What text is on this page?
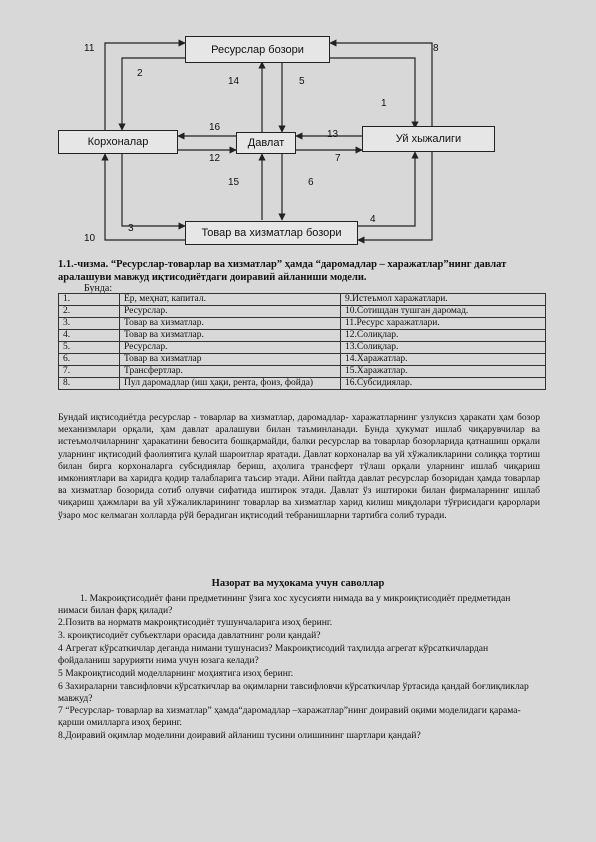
Ресурслар бозори
Корхоналар	Давлат	Уй хыжалиги
Товар ва хизматлар бозори
11
2
14	5
8
1
16
13
12	7
15	6
3
10
4
1.1.-чизма. “Ресурслар-товарлар ва хизматлар” ҳамда “даромадлар – харажатлар”нинг давлат аралашуви мавжуд иқтисодиётдаги доиравий айланиши модели.
Бунда:
1.	Ер, меҳнат, капитал.	9.Истеъмол харажатлари.
2.	Ресурслар.	10.Сотишдан тушган даромад.
3.	Товар ва хизматлар.	11.Ресурс харажатлари.
4.	Товар ва хизматлар.	12.Солиқлар.
5.	Ресурслар.	13.Солиқлар.
6.	Товар ва хизматлар	14.Харажатлар.
7.	Трансфертлар.	15.Харажатлар.
8.	Пул даромадлар (иш ҳақи, рента, фоиз, фойда)	16.Субсидиялар.
Бундай иқтисодиётда ресурслар - товарлар ва хизматлар, даромадлар- харажатларнинг узлуксиз ҳаракати ҳам бозор механизмлари орқали, ҳам давлат аралашуви билан таъминланади. Бунда ҳукумат ишлаб чиқарувчилар ва истеъмолчиларнинг ҳаракатини бевосита бошқармайди, балки ресурслар ва товарлар бозорларида қатнашиш орқали уларнинг иқтисодий фаолиятига қулай шароитлар яратади. Давлат корхоналар ва уй хўжаликларини солиққа тортиш билан бирга корхоналарга субсидиялар бериш, аҳолига трансферт тўлаш орқали уларнинг ишлаб чиқариш имкониятлари ва харидга қодир талабларига таъсир этади. Айни пайтда давлат ресурслар бозоридан ҳамда товарлар ва хизматлар бозорида сотиб олувчи сифатида иштирок этади. Давлат ўз иштироки билан фирмаларнинг ишлаб чиқариш ҳажмлари ва уй хўжаликларининг товарлар ва хизматлар харид килиш миқдолари тўғрисидаги қарорлари ўзаро мос келмаган холларда рўй берадиган иқтисодий тебранишларни тартибга солиб туради.
Назорат ва муҳокама учун саволлар
1. Макроиқтисодиёт фани предметининг ўзига хос хусусияти нимада ва у микроиқтисодиёт предметидан нимаси билан фарқ қилади?
2.Позитв ва норматв макроиқтисодиёт тушунчаларига изоҳ беринг.
3. кроиқтисодиёт субъектлари орасида давлатнинг роли қандай?
4 Агрегат кўрсаткичлар деганда нимани тушунасиз? Макроиқтисодий таҳлилда агрегат кўрсаткичлардан фойдаланиш зарурияти нима учун юзага келади?
5 Макроиқтисодий моделларнинг моҳиятига изоҳ беринг.
6 Захираларни тавсифловчи кўрсаткичлар ва оқимларни тавсифловчи кўрсаткичлар ўртасида қандай боғлиқликлар мавжуд?
7 “Ресурслар- товарлар ва хизматлар” ҳамда“даромадлар –харажатлар”нинг доиравий оқими моделидаги қарама-қарши омилларга изоҳ беринг.
8.Доиравий оқимлар моделини доиравий айланиш тусини олишининг шартлари қандай?
